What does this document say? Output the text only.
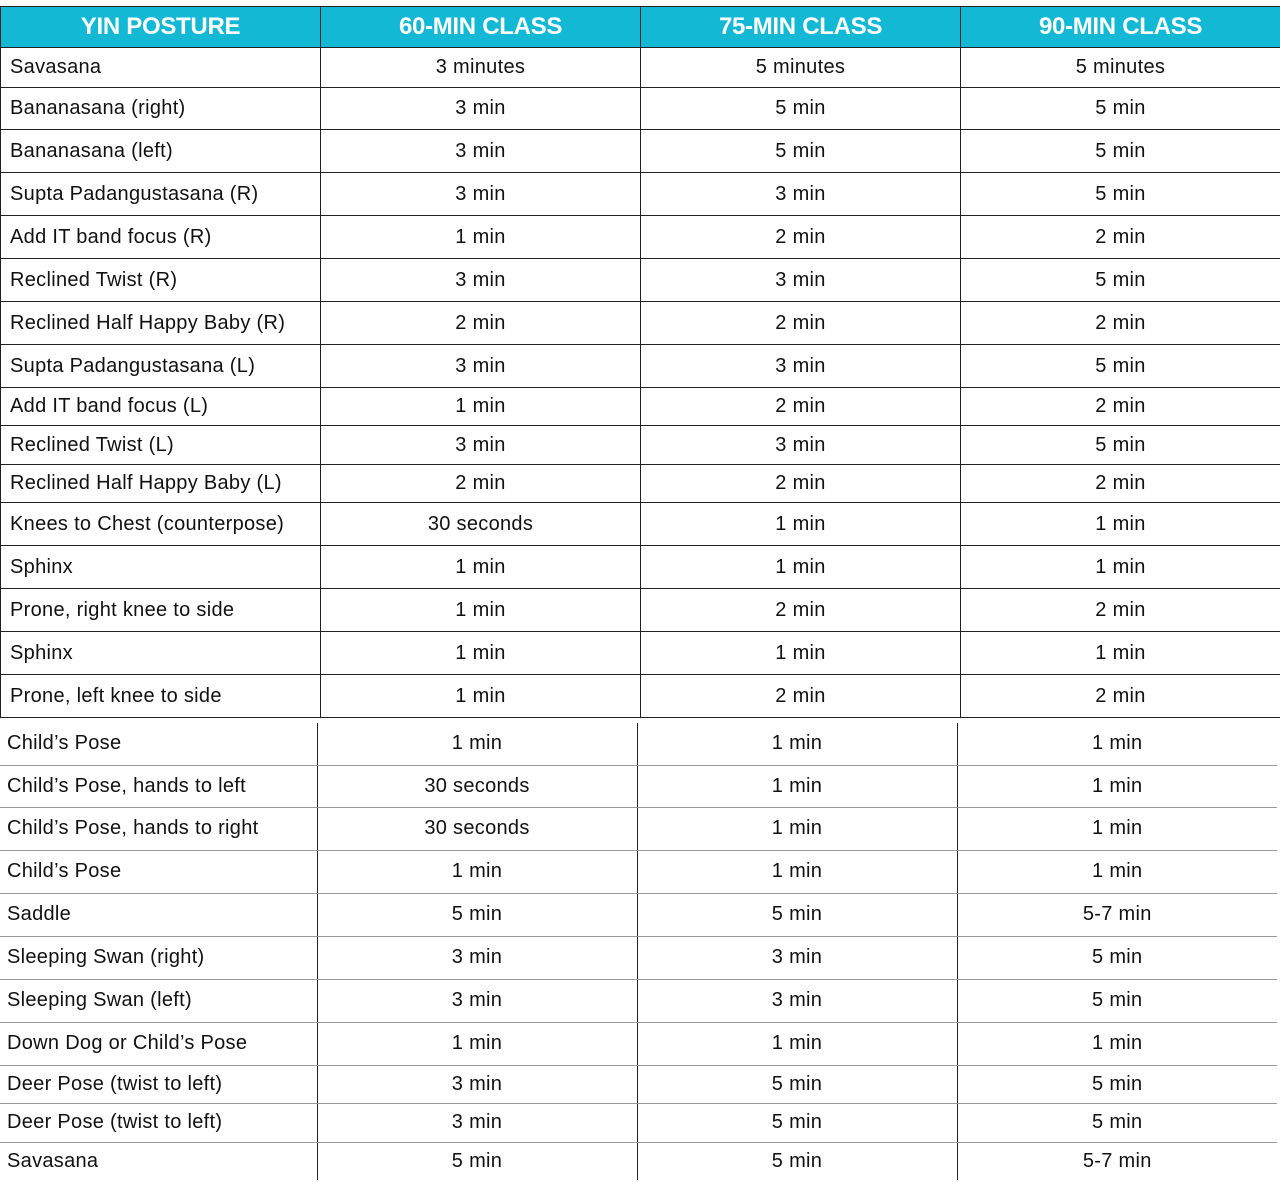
YIN POSTURE	60-MIN CLASS	75-MIN CLASS	90-MIN CLASS
Savasana	3 minutes	5 minutes	5 minutes
Bananasana (right)	3 min	5 min	5 min
Bananasana (left)	3 min	5 min	5 min
Supta Padangustasana (R)	3 min	3 min	5 min
Add IT band focus (R)	1 min	2 min	2 min
Reclined Twist (R)	3 min	3 min	5 min
Reclined Half Happy Baby (R)	2 min	2 min	2 min
Supta Padangustasana (L)	3 min	3 min	5 min
Add IT band focus (L)	1 min	2 min	2 min
Reclined Twist (L)	3 min	3 min	5 min
Reclined Half Happy Baby (L)	2 min	2 min	2 min
Knees to Chest (counterpose)	30 seconds	1 min	1 min
Sphinx	1 min	1 min	1 min
Prone, right knee to side	1 min	2 min	2 min
Sphinx	1 min	1 min	1 min
Prone, left knee to side	1 min	2 min	2 min
Child’s Pose	1 min	1 min	1 min
Child’s Pose, hands to left	30 seconds	1 min	1 min
Child’s Pose, hands to right	30 seconds	1 min	1 min
Child’s Pose	1 min	1 min	1 min
Saddle	5 min	5 min	5-7 min
Sleeping Swan (right)	3 min	3 min	5 min
Sleeping Swan (left)	3 min	3 min	5 min
Down Dog or Child’s Pose	1 min	1 min	1 min
Deer Pose (twist to left)	3 min	5 min	5 min
Deer Pose (twist to left)	3 min	5 min	5 min
Savasana	5 min	5 min	5-7 min
